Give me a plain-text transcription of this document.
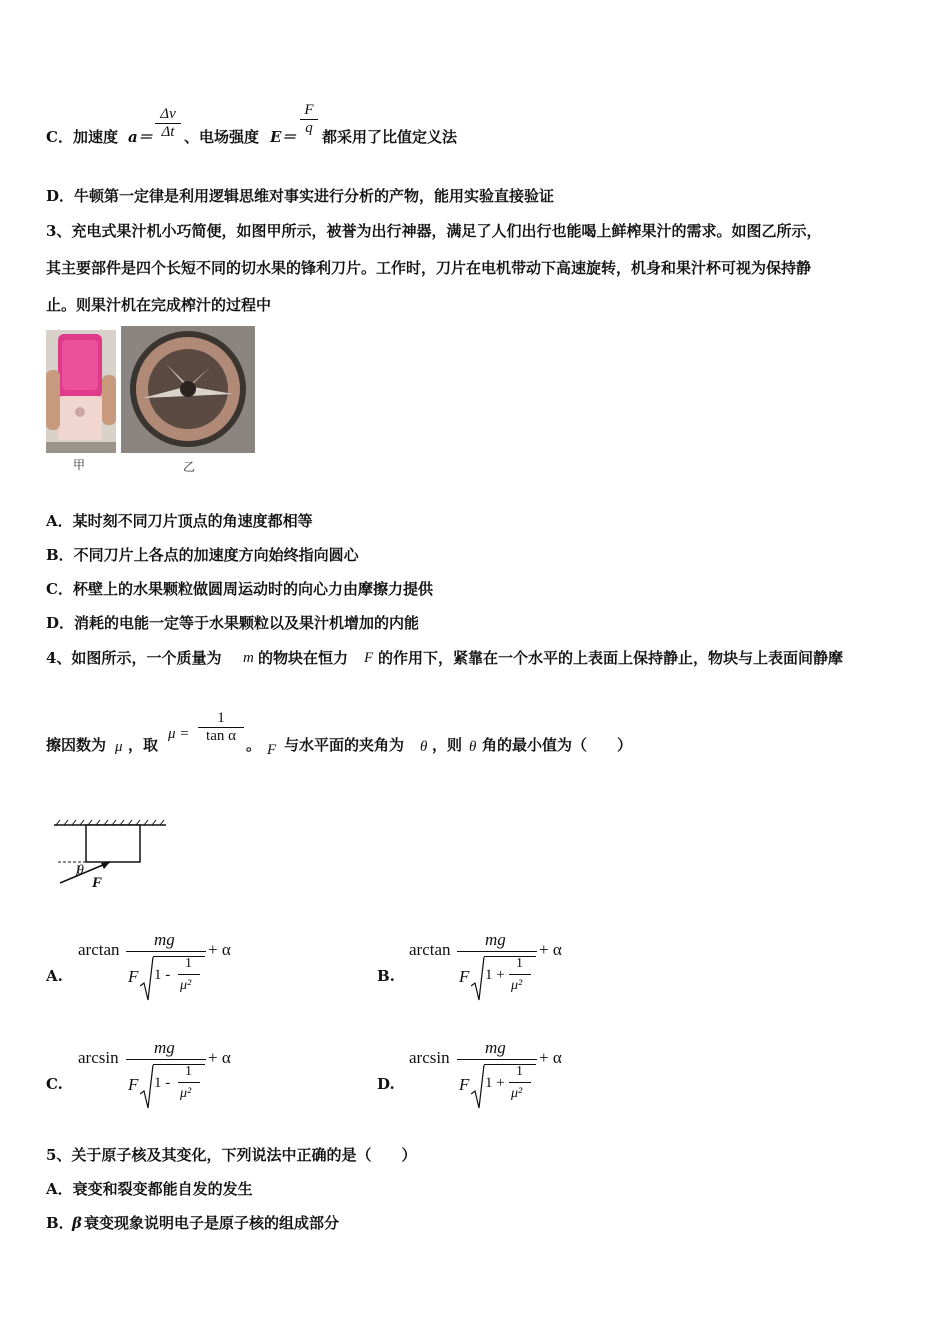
C．加速度 $a= \frac{\Delta v}{\Delta t}$ 、电场强度 $E= \frac{F}{q}$ 都采用了比值定义法
D．牛顿第一定律是利用逻辑思维对事实进行分析的产物，能用实验直接验证
3、充电式果汁机小巧简便，如图甲所示，被誉为出行神器，满足了人们出行也能喝上鲜榨果汁的需求。如图乙所示，
其主要部件是四个长短不同的切水果的锋利刀片。工作时，刀片在电机带动下高速旋转，机身和果汁杯可视为保持静
止。则果汁机在完成榨汁的过程中
甲	乙
A．某时刻不同刀片顶点的角速度都相等
B．不同刀片上各点的加速度方向始终指向圆心
C．杯壁上的水果颗粒做圆周运动时的向心力由摩擦力提供
D．消耗的电能一定等于水果颗粒以及果汁机增加的内能
4、如图所示，一个质量为 m 的物块在恒力 F 的作用下，紧靠在一个水平的上表面上保持静止，物块与上表面间静摩
擦因数为 μ ，取
$\mu = \frac{1}{\text{tan α}}$ 。 F 与水平面的夹角为 θ ，则 θ 角的最小值为（　　）
θ
F
A.
arctan
mg
F 1 -
1
μ²
+ α
B.
arctan
mg
F 1 +
1
μ²
+ α
C.
arcsin
mg
F 1 -
1
μ²
+ α
D.
arcsin
mg
F 1 +
1
μ²
+ α
5、关于原子核及其变化，下列说法中正确的是（　　）
A．衰变和裂变都能自发的发生
B．
β 衰变现象说明电子是原子核的组成部分
